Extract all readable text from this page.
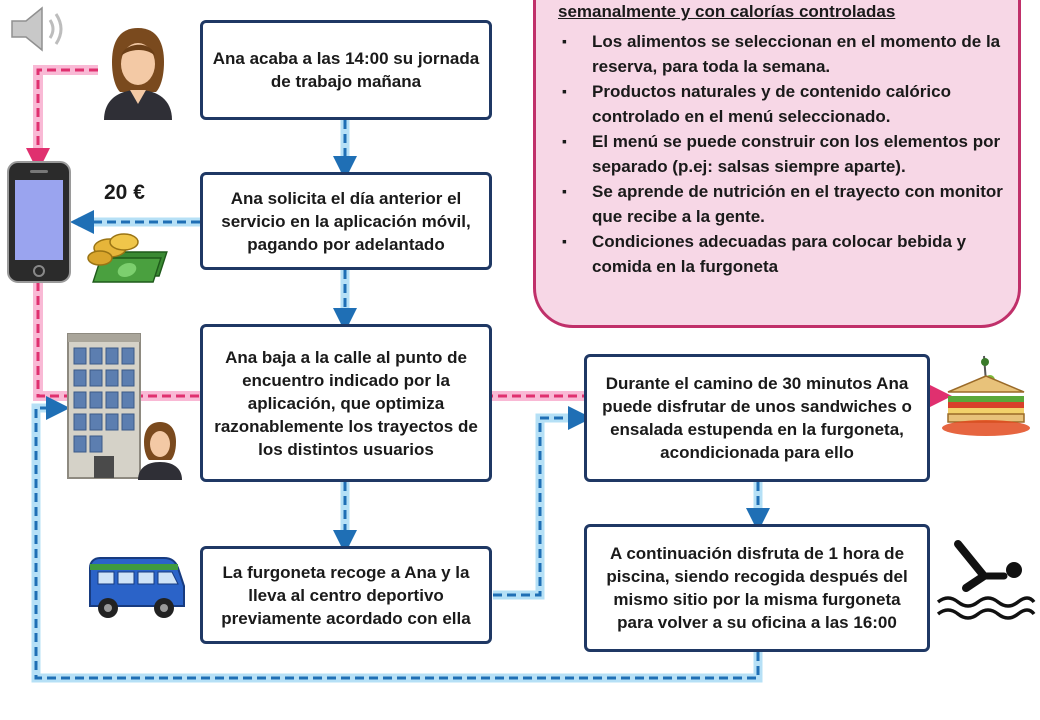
semanalmente y con calorías controladas
▪ Los alimentos se seleccionan en el momento de la reserva, para toda la semana.
▪ Productos naturales y de contenido calórico controlado en el menú seleccionado.
▪ El menú se puede construir con los elementos por separado (p.ej: salsas siempre aparte).
▪ Se aprende de nutrición en el trayecto con monitor que recibe a la gente.
▪ Condiciones adecuadas para colocar bebida y comida en la furgoneta
Ana acaba a las 14:00 su jornada de trabajo mañana
Ana solicita el día anterior el servicio en la aplicación móvil, pagando por adelantado
Ana baja a la calle al punto de encuentro indicado por la aplicación, que optimiza razonablemente los trayectos de los distintos usuarios
La furgoneta recoge a Ana y la lleva al centro deportivo previamente acordado con ella
Durante el camino de 30 minutos Ana puede disfrutar de unos sandwiches o ensalada estupenda en la furgoneta, acondicionada para ello
A continuación disfruta de 1 hora de piscina, siendo recogida después del mismo sitio por la misma furgoneta para volver a su oficina a las 16:00
20 €
